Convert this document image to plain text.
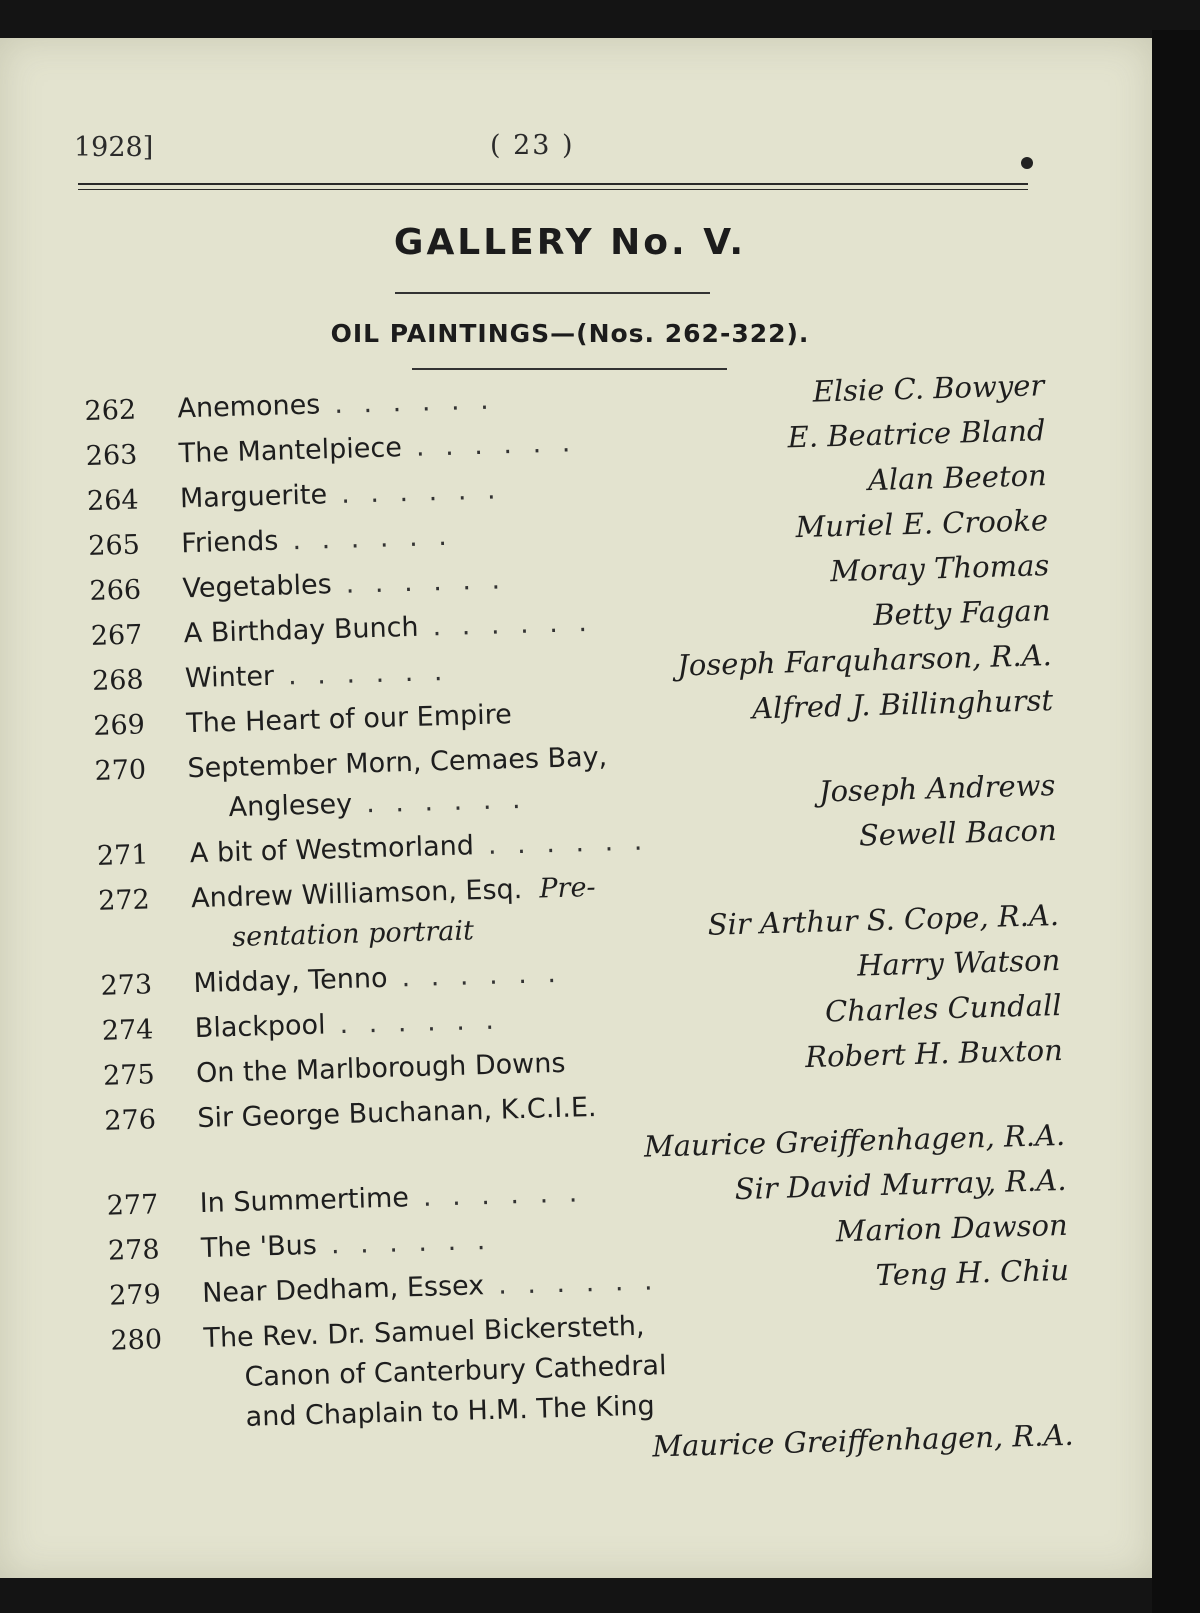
1928]	( 23 )
GALLERY No. V.
OIL PAINTINGS—(Nos. 262-322).
262	Anemones . . . . . .	Elsie C. Bowyer
263	The Mantelpiece . . . . . .	E. Beatrice Bland
264	Marguerite . . . . . .	Alan Beeton
265	Friends . . . . . .	Muriel E. Crooke
266	Vegetables . . . . . .	Moray Thomas
267	A Birthday Bunch . . . . . .	Betty Fagan
268	Winter . . . . . .	Joseph Farquharson, R.A.
269	The Heart of our Empire	Alfred J. Billinghurst
270	September Morn, Cemaes Bay,
Anglesey . . . . . .	Joseph Andrews
271	A bit of Westmorland . . . . . .	Sewell Bacon
272	Andrew Williamson, Esq. Pre-
sentation portrait	Sir Arthur S. Cope, R.A.
273	Midday, Tenno . . . . . .	Harry Watson
274	Blackpool . . . . . .	Charles Cundall
275	On the Marlborough Downs	Robert H. Buxton
276	Sir George Buchanan, K.C.I.E.
Maurice Greiffenhagen, R.A.
277	In Summertime . . . . . .	Sir David Murray, R.A.
278	The 'Bus . . . . . .	Marion Dawson
279	Near Dedham, Essex . . . . . .	Teng H. Chiu
280	The Rev. Dr. Samuel Bickersteth,
Canon of Canterbury Cathedral
and Chaplain to H.M. The King
Maurice Greiffenhagen, R.A.
